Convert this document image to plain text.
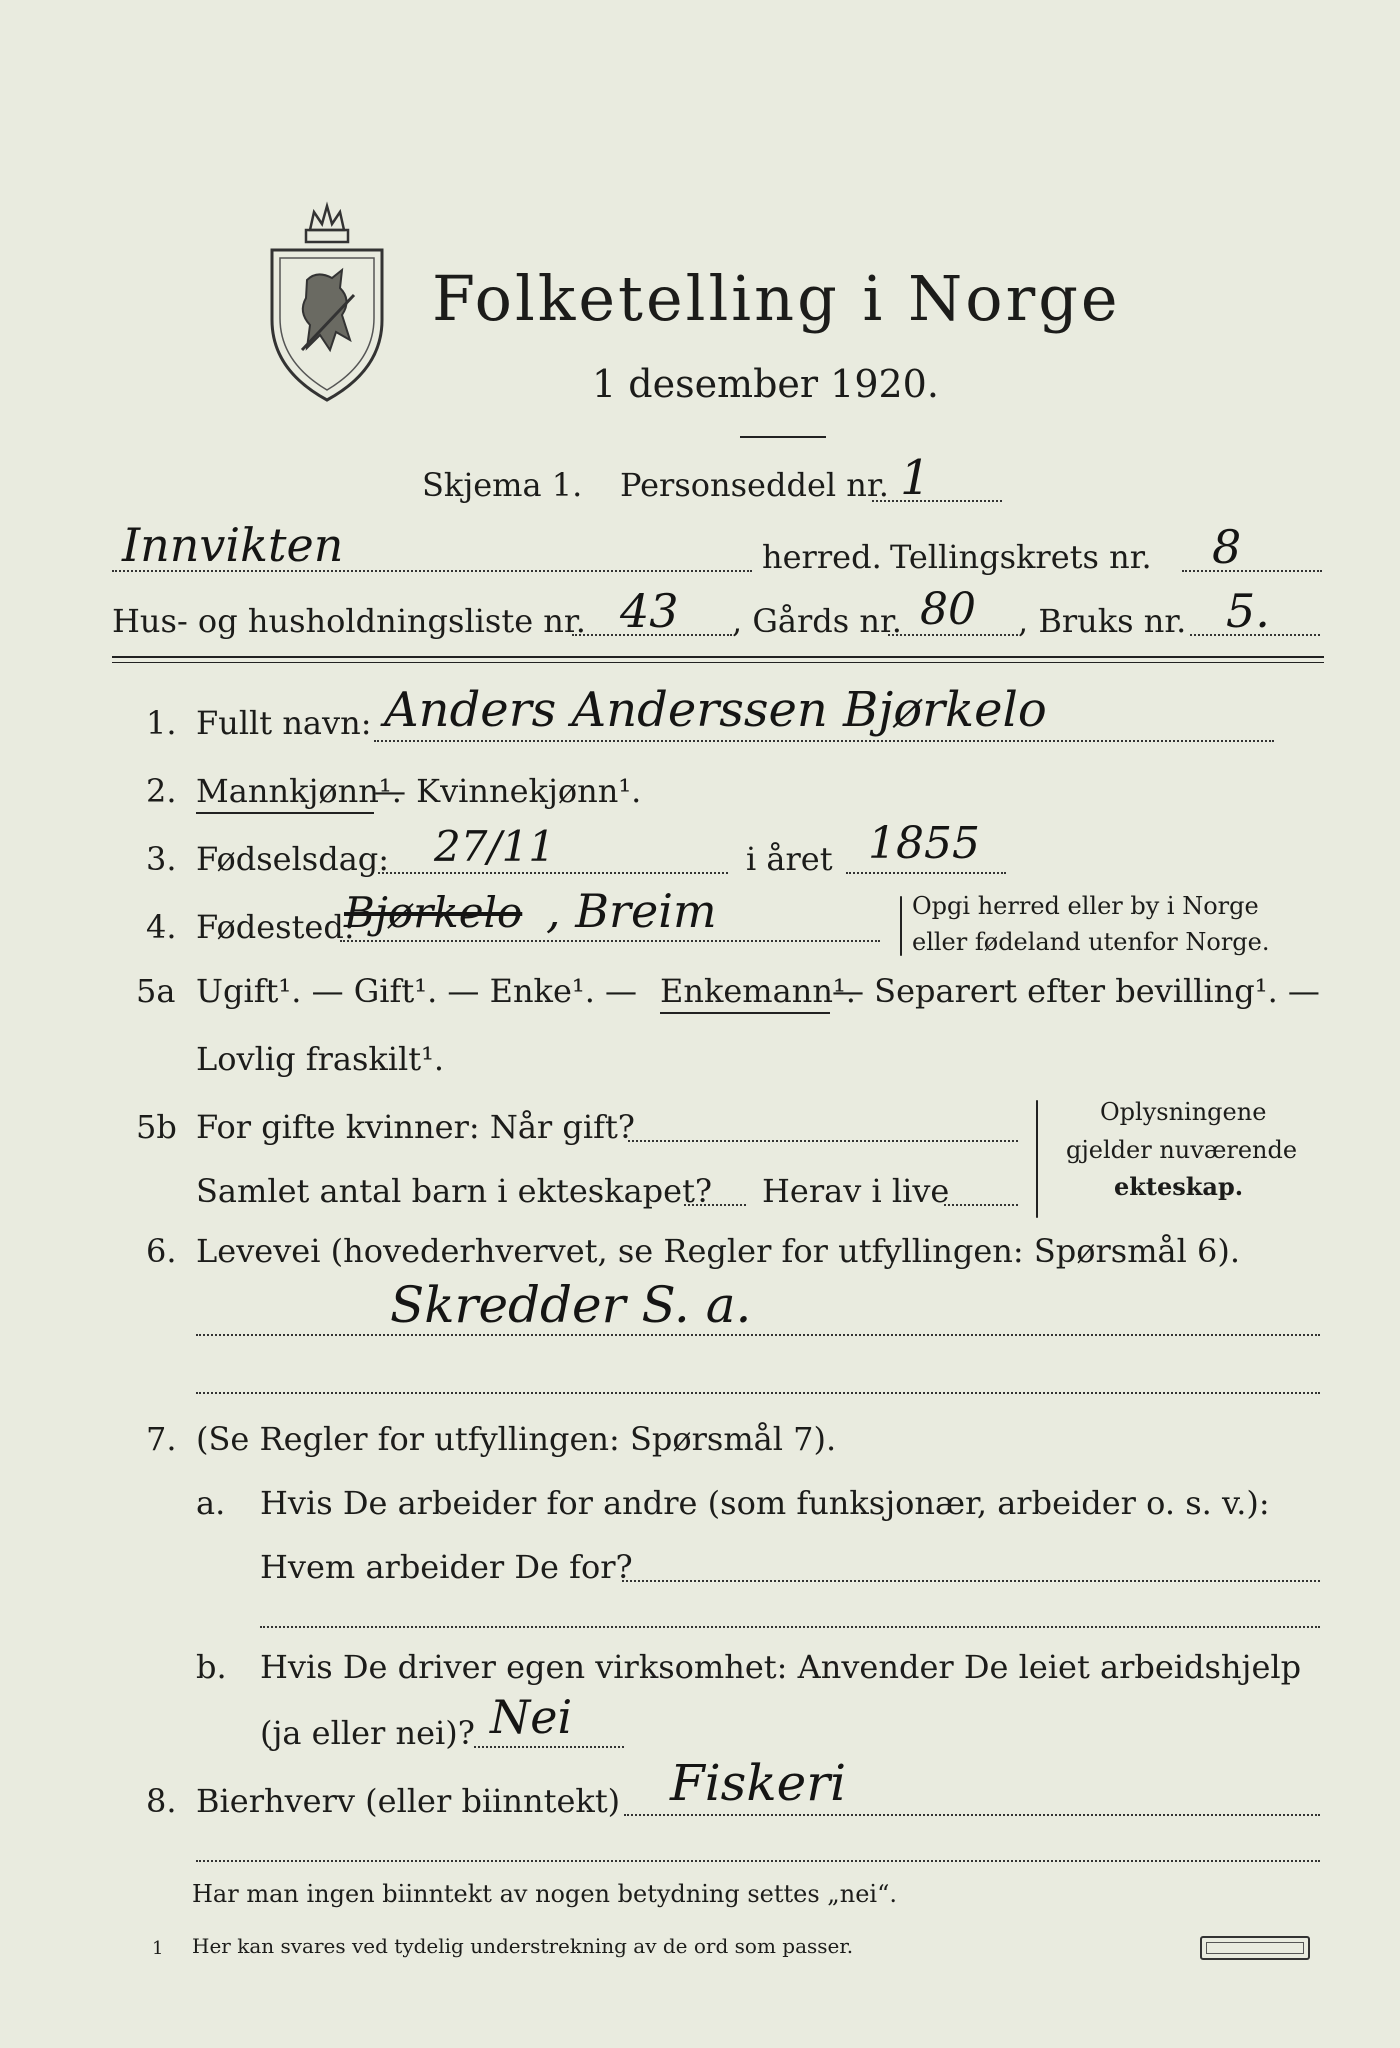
Folketelling i Norge
1 desember 1920.
Skjema 1. Personseddel nr. 1
Innvikten	herred. Tellingskrets nr. 8
Hus- og husholdningsliste nr. 43 , Gårds nr. 80 , Bruks nr. 5.
1. Fullt navn: Anders Anderssen Bjørkelo
2. Mannkjønn¹.
— Kvinnekjønn¹.
3. Fødselsdag: 27/11	i året 1855
4. Fødested:
Bjørkelo , Breim	Opgi herred eller by i Norge
eller fødeland utenfor Norge.
5a Ugift¹. — Gift¹. — Enke¹. — Enkemann¹.
— Separert efter bevilling¹. —
Lovlig fraskilt¹.
5b For gifte kvinner: Når gift?
Samlet antal barn i ekteskapet? Herav i live
Oplysningene
gjelder nuværende
ekteskap.
6. Levevei (hovederhvervet, se Regler for utfyllingen: Spørsmål 6).
Skredder S. a.
7. (Se Regler for utfyllingen: Spørsmål 7).
a. Hvis De arbeider for andre (som funksjonær, arbeider o. s. v.):
Hvem arbeider De for?
b. Hvis De driver egen virksomhet: Anvender De leiet arbeidshjelp
(ja eller nei)? Nei
8. Bierhverv (eller biinntekt) Fiskeri
Har man ingen biinntekt av nogen betydning settes „nei“.
1 Her kan svares ved tydelig understrekning av de ord som passer.
